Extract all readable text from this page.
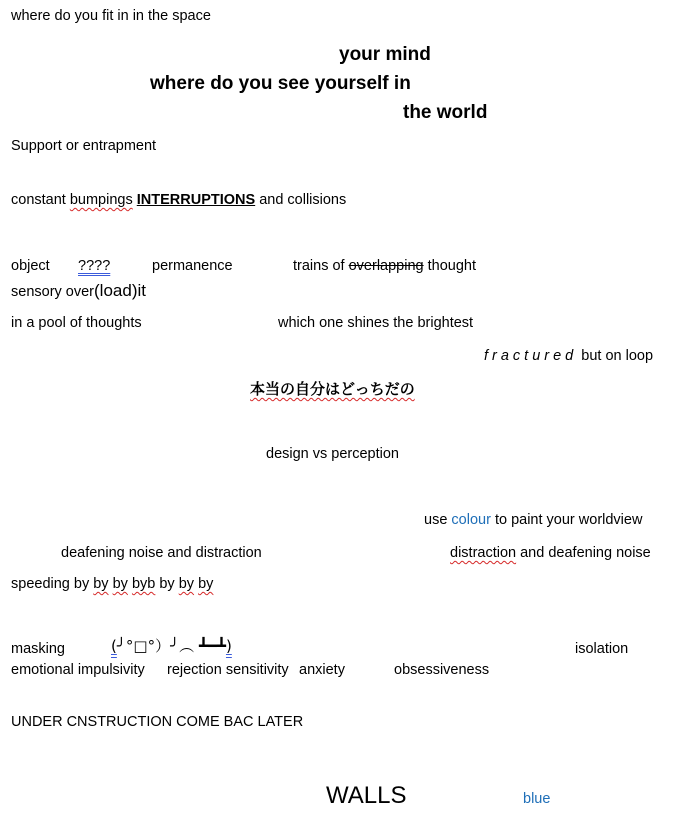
where do you fit in in the space
your mind
where do you see yourself in
the world
Support or entrapment
constant bumpings INTERRUPTIONS and collisions
object ????	permanence	trains of overlapping thought
sensory over(load)it
in a pool of thoughts	which one shines the brightest
fractured but on loop
本当の自分はどっちだの
design vs perception
use colour to paint your worldview
deafening noise and distraction	distraction and deafening noise
speeding by by by byb by by by
masking	(╯°□°）╯︵ ┻━┻)	isolation
emotional impulsivity rejection sensitivity anxiety	obsessiveness
UNDER CNSTRUCTION COME BAC LATER
WALLS	blue
